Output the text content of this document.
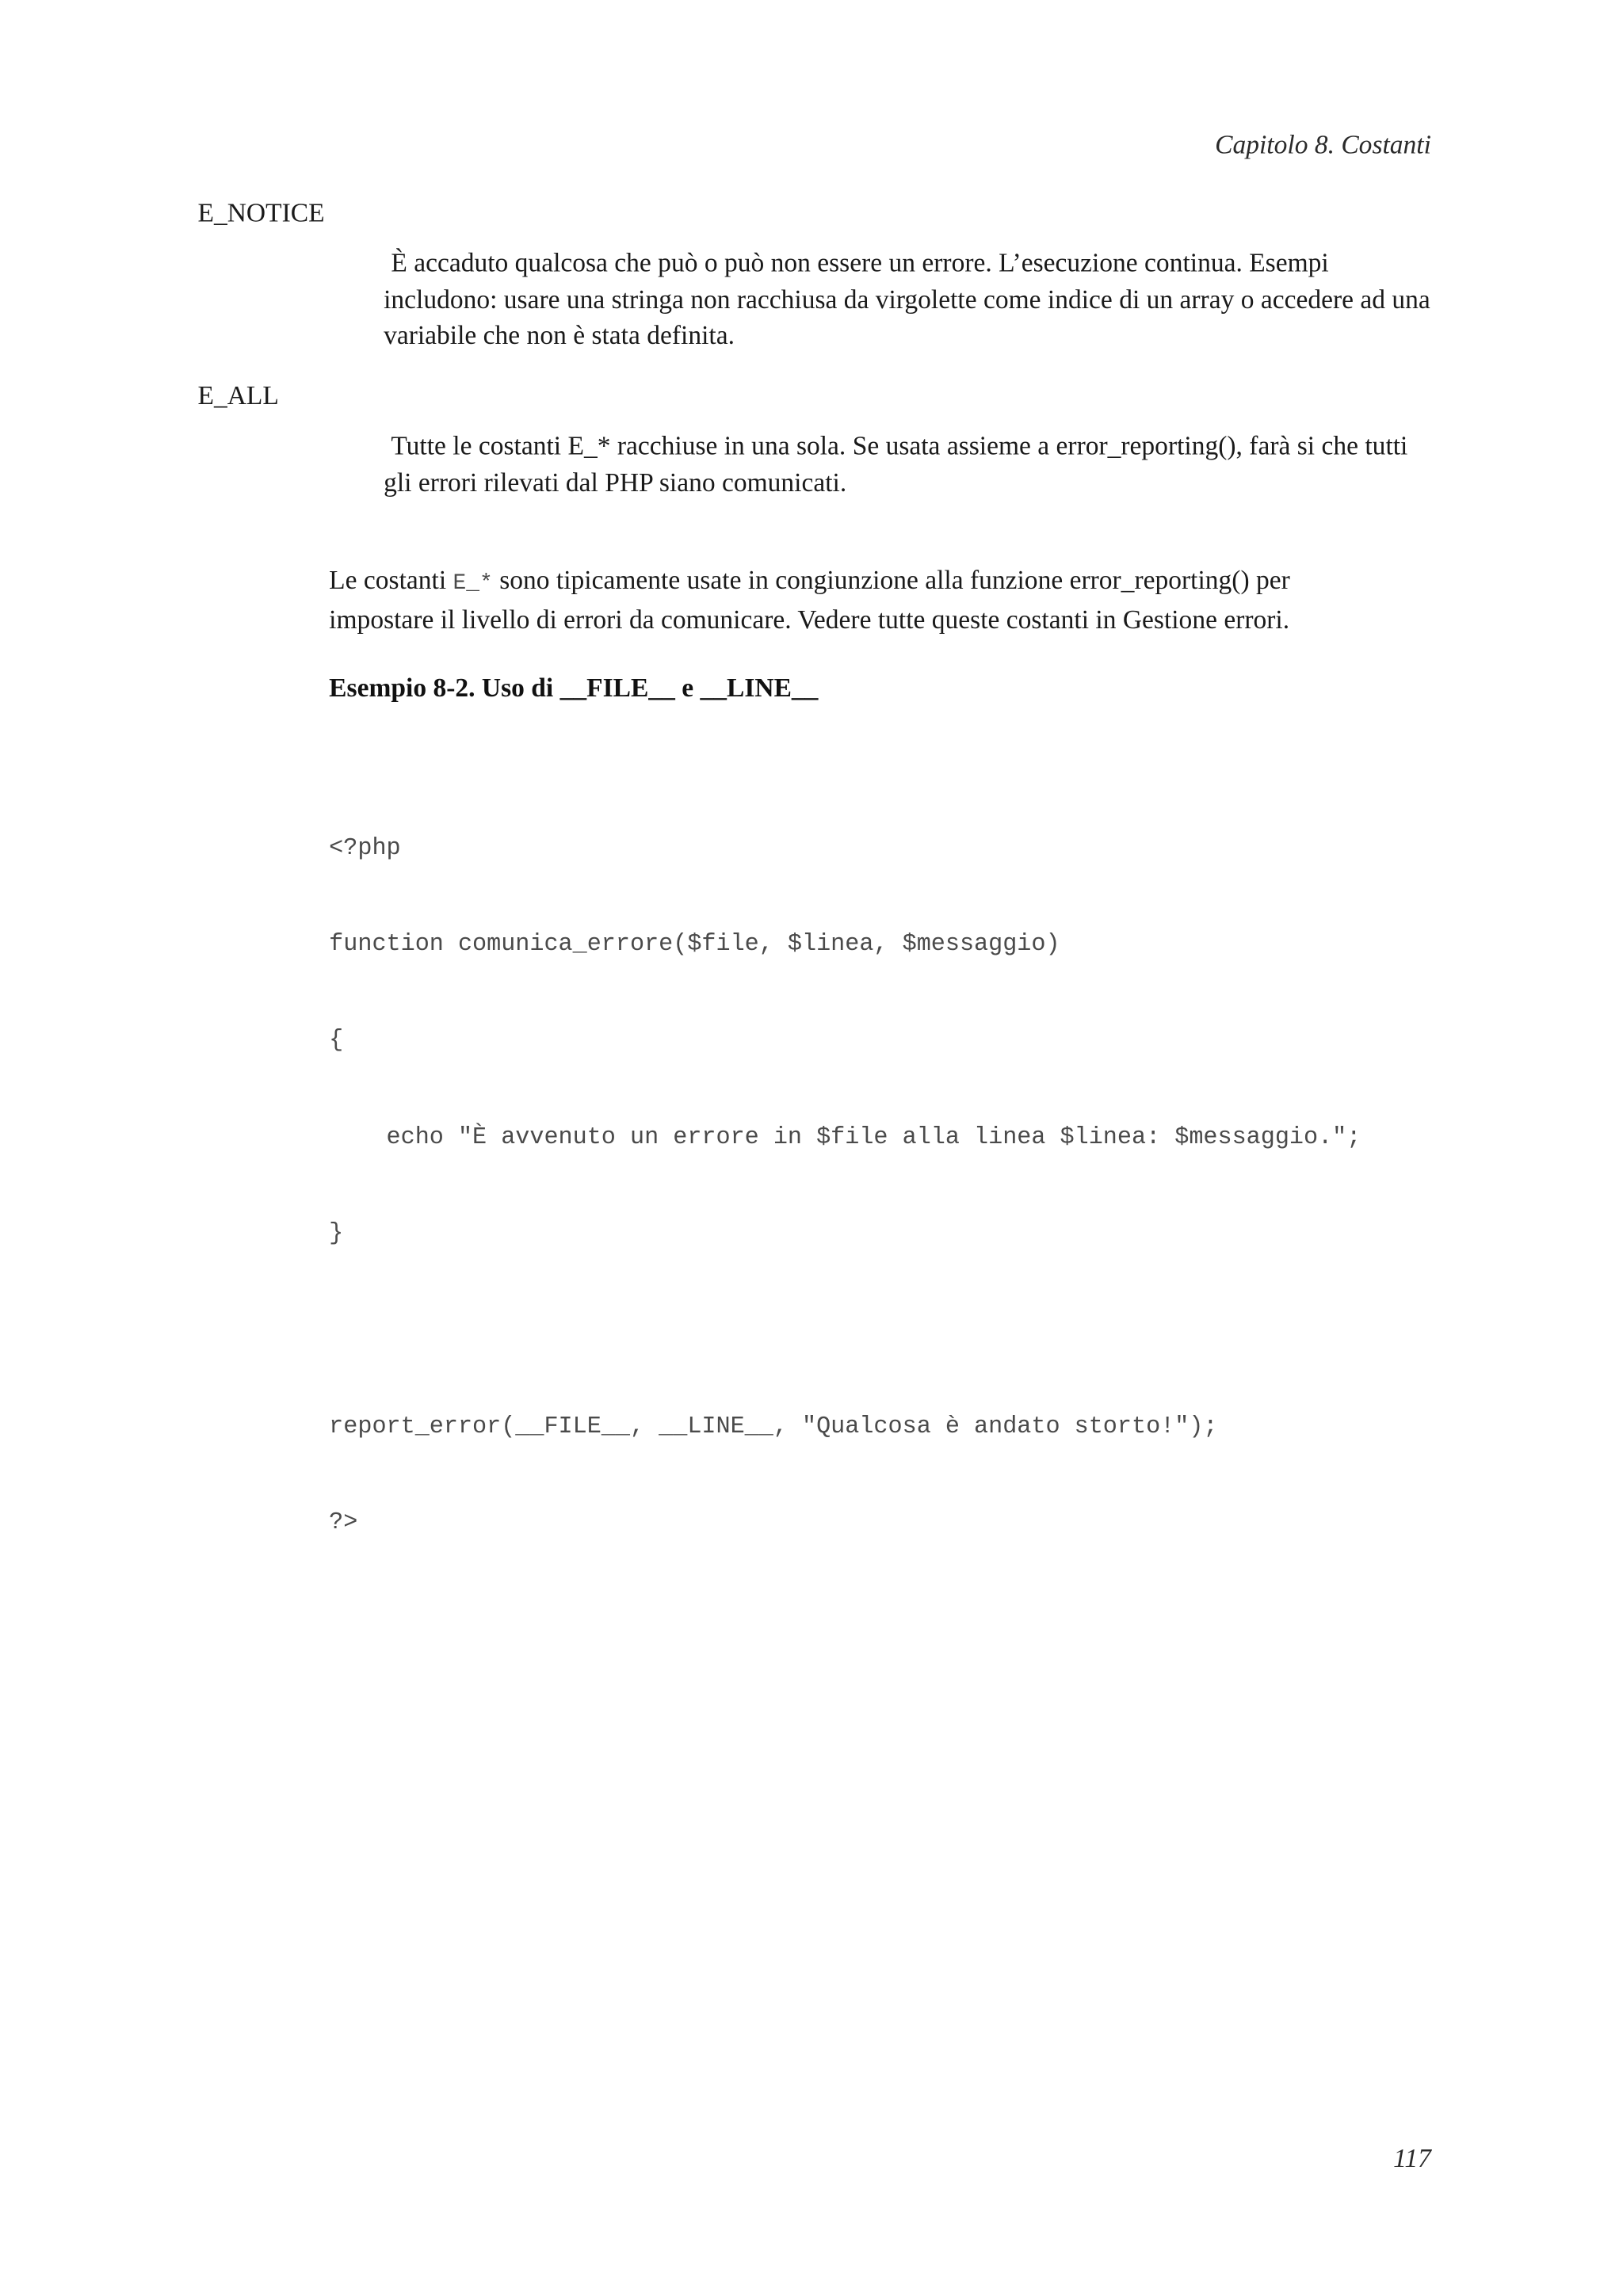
Capitolo 8. Costanti
E_NOTICE
È accaduto qualcosa che può o può non essere un errore. L’esecuzione continua. Esempi includono: usare una stringa non racchiusa da virgolette come indice di un array o accedere ad una variabile che non è stata definita.
E_ALL
Tutte le costanti E_* racchiuse in una sola. Se usata assieme a error_reporting(), farà si che tutti gli errori rilevati dal PHP siano comunicati.
Le costanti E_* sono tipicamente usate in congiunzione alla funzione error_reporting() per impostare il livello di errori da comunicare. Vedere tutte queste costanti in Gestione errori.
Esempio 8-2. Uso di __FILE__ e __LINE__

<?php

function comunica_errore($file, $linea, $messaggio)

{

echo "È avvenuto un errore in $file alla linea $linea: $messaggio.";

}

report_error(__FILE__, __LINE__, "Qualcosa è andato storto!");

?>

117
